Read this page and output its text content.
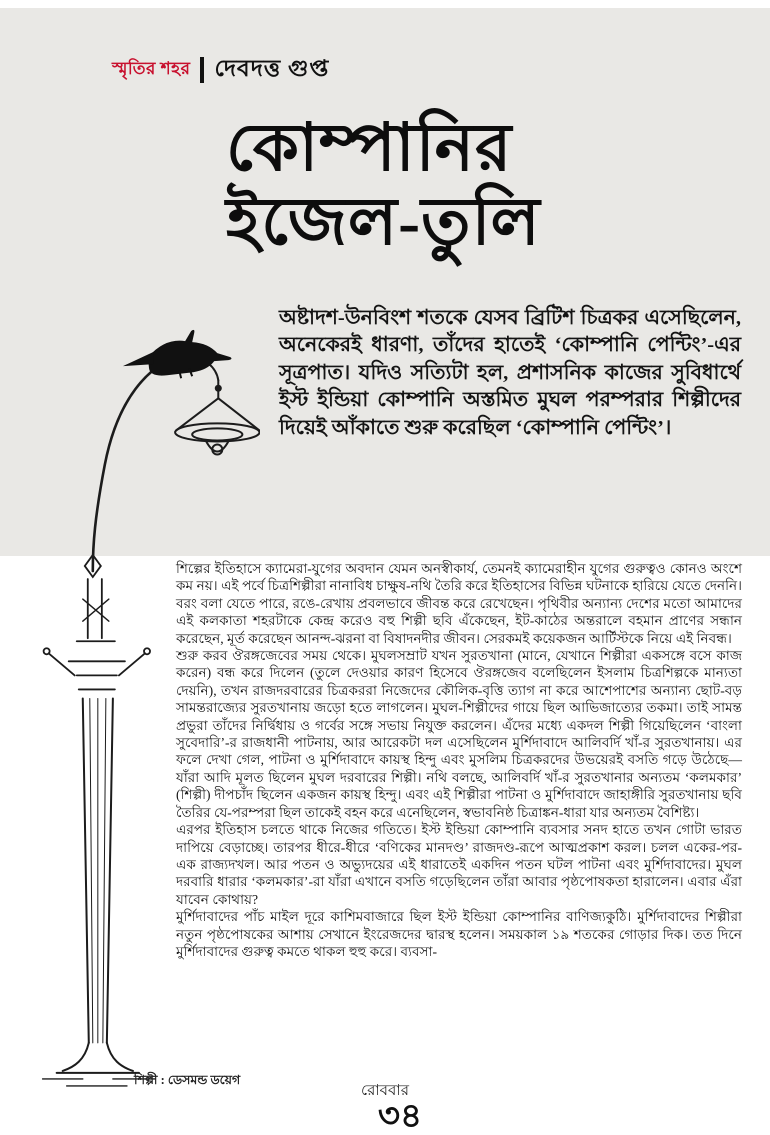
স্মৃতির শহর দেবদত্ত গুপ্ত
কোম্পানির
ইজেল-তুলি
অষ্টাদশ-উনবিংশ শতকে যেসব ব্রিটিশ চিত্রকর এসেছিলেন, অনেকেরই ধারণা, তাঁদের হাতেই ‘কোম্পানি পেন্টিং’-এর সূত্রপাত। যদিও সত্যিটা হল, প্রশাসনিক কাজের সুবিধার্থে ইস্ট ইন্ডিয়া কোম্পানি অস্তমিত মুঘল পরম্পরার শিল্পীদের দিয়েই আঁকাতে শুরু করেছিল ‘কোম্পানি পেন্টিং’।

শিল্পের ইতিহাসে ক্যামেরা-যুগের অবদান যেমন অনস্বীকার্য, তেমনই ক্যামেরাহীন যুগের গুরুত্বও কোনও অংশে কম নয়। এই পর্বে চিত্রশিল্পীরা নানাবিধ চাক্ষুষ-নথি তৈরি করে ইতিহাসের বিভিন্ন ঘটনাকে হারিয়ে যেতে দেননি। বরং বলা যেতে পারে, রঙে-রেখায় প্রবলভাবে জীবন্ত করে রেখেছেন। পৃথিবীর অন্যান্য দেশের মতো আমাদের এই কলকাতা শহরটাকে কেন্দ্র করেও বহু শিল্পী ছবি এঁকেছেন, ইট-কাঠের অন্তরালে বহমান প্রাণের সন্ধান করেছেন, মূর্ত করেছেন আনন্দ-ঝরনা বা বিষাদনদীর জীবন। সেরকমই কয়েকজন আর্টিস্টকে নিয়ে এই নিবন্ধ।

শুরু করব ঔরঙ্গজেবের সময় থেকে। মুঘলসম্রাট যখন সুরতখানা (মানে, যেখানে শিল্পীরা একসঙ্গে বসে কাজ করেন) বন্ধ করে দিলেন (তুলে দেওয়ার কারণ হিসেবে ঔরঙ্গজেব বলেছিলেন ইসলাম চিত্রশিল্পকে মান্যতা দেয়নি), তখন রাজদরবারের চিত্রকররা নিজেদের কৌলিক-বৃত্তি ত্যাগ না করে আশেপাশের অন্যান্য ছোট-বড় সামন্তরাজ্যের সুরতখানায় জড়ো হতে লাগলেন। মুঘল-শিল্পীদের গায়ে ছিল আভিজাত্যের তকমা। তাই সামন্ত প্রভুরা তাঁদের নির্দ্বিধায় ও গর্বের সঙ্গে সভায় নিযুক্ত করলেন। এঁদের মধ্যে একদল শিল্পী গিয়েছিলেন ‘বাংলা সুবেদারি’-র রাজধানী পাটনায়, আর আরেকটা দল এসেছিলেন মুর্শিদাবাদে আলিবর্দি খাঁ-র সুরতখানায়। এর ফলে দেখা গেল, পাটনা ও মুর্শিদাবাদে কায়স্থ হিন্দু এবং মুসলিম চিত্রকরদের উভয়েরই বসতি গড়ে উঠেছে—যাঁরা আদি মূলত ছিলেন মুঘল দরবারের শিল্পী। নথি বলছে, আলিবর্দি খাঁ-র সুরতখানার অন্যতম ‘কলমকার’ (শিল্পী) দীপচাঁদ ছিলেন একজন কায়স্থ হিন্দু। এবং এই শিল্পীরা পাটনা ও মুর্শিদাবাদে জাহাঙ্গীরি সুরতখানায় ছবি তৈরির যে-পরম্পরা ছিল তাকেই বহন করে এনেছিলেন, স্বভাবনিষ্ঠ চিত্রাঙ্কন-ধারা যার অন্যতম বৈশিষ্ট্য।

এরপর ইতিহাস চলতে থাকে নিজের গতিতে। ইস্ট ইন্ডিয়া কোম্পানি ব্যবসার সনদ হাতে তখন গোটা ভারত দাপিয়ে বেড়াচ্ছে। তারপর ধীরে-ধীরে ‘বণিকের মানদণ্ড’ রাজদণ্ড-রূপে আত্মপ্রকাশ করল। চলল একের-পর-এক রাজ্যদখল। আর পতন ও অভ্যুদয়ের এই ধারাতেই একদিন পতন ঘটল পাটনা এবং মুর্শিদাবাদের। মুঘল দরবারি ধারার ‘কলমকার’-রা যাঁরা এখানে বসতি গড়েছিলেন তাঁরা আবার পৃষ্ঠপোষকতা হারালেন। এবার এঁরা যাবেন কোথায়?

মুর্শিদাবাদের পাঁচ মাইল দূরে কাশিমবাজারে ছিল ইস্ট ইন্ডিয়া কোম্পানির বাণিজ্যকুঠি। মুর্শিদাবাদের শিল্পীরা নতুন পৃষ্ঠপোষকের আশায় সেখানে ইংরেজদের দ্বারস্থ হলেন। সময়কাল ১৯ শতকের গোড়ার দিক। তত দিনে মুর্শিদাবাদের গুরুত্ব কমতে থাকল হুহু করে। ব্যবসা-

শিল্পী : ডেসমন্ড ডয়েগ
রোববার
৩৪
